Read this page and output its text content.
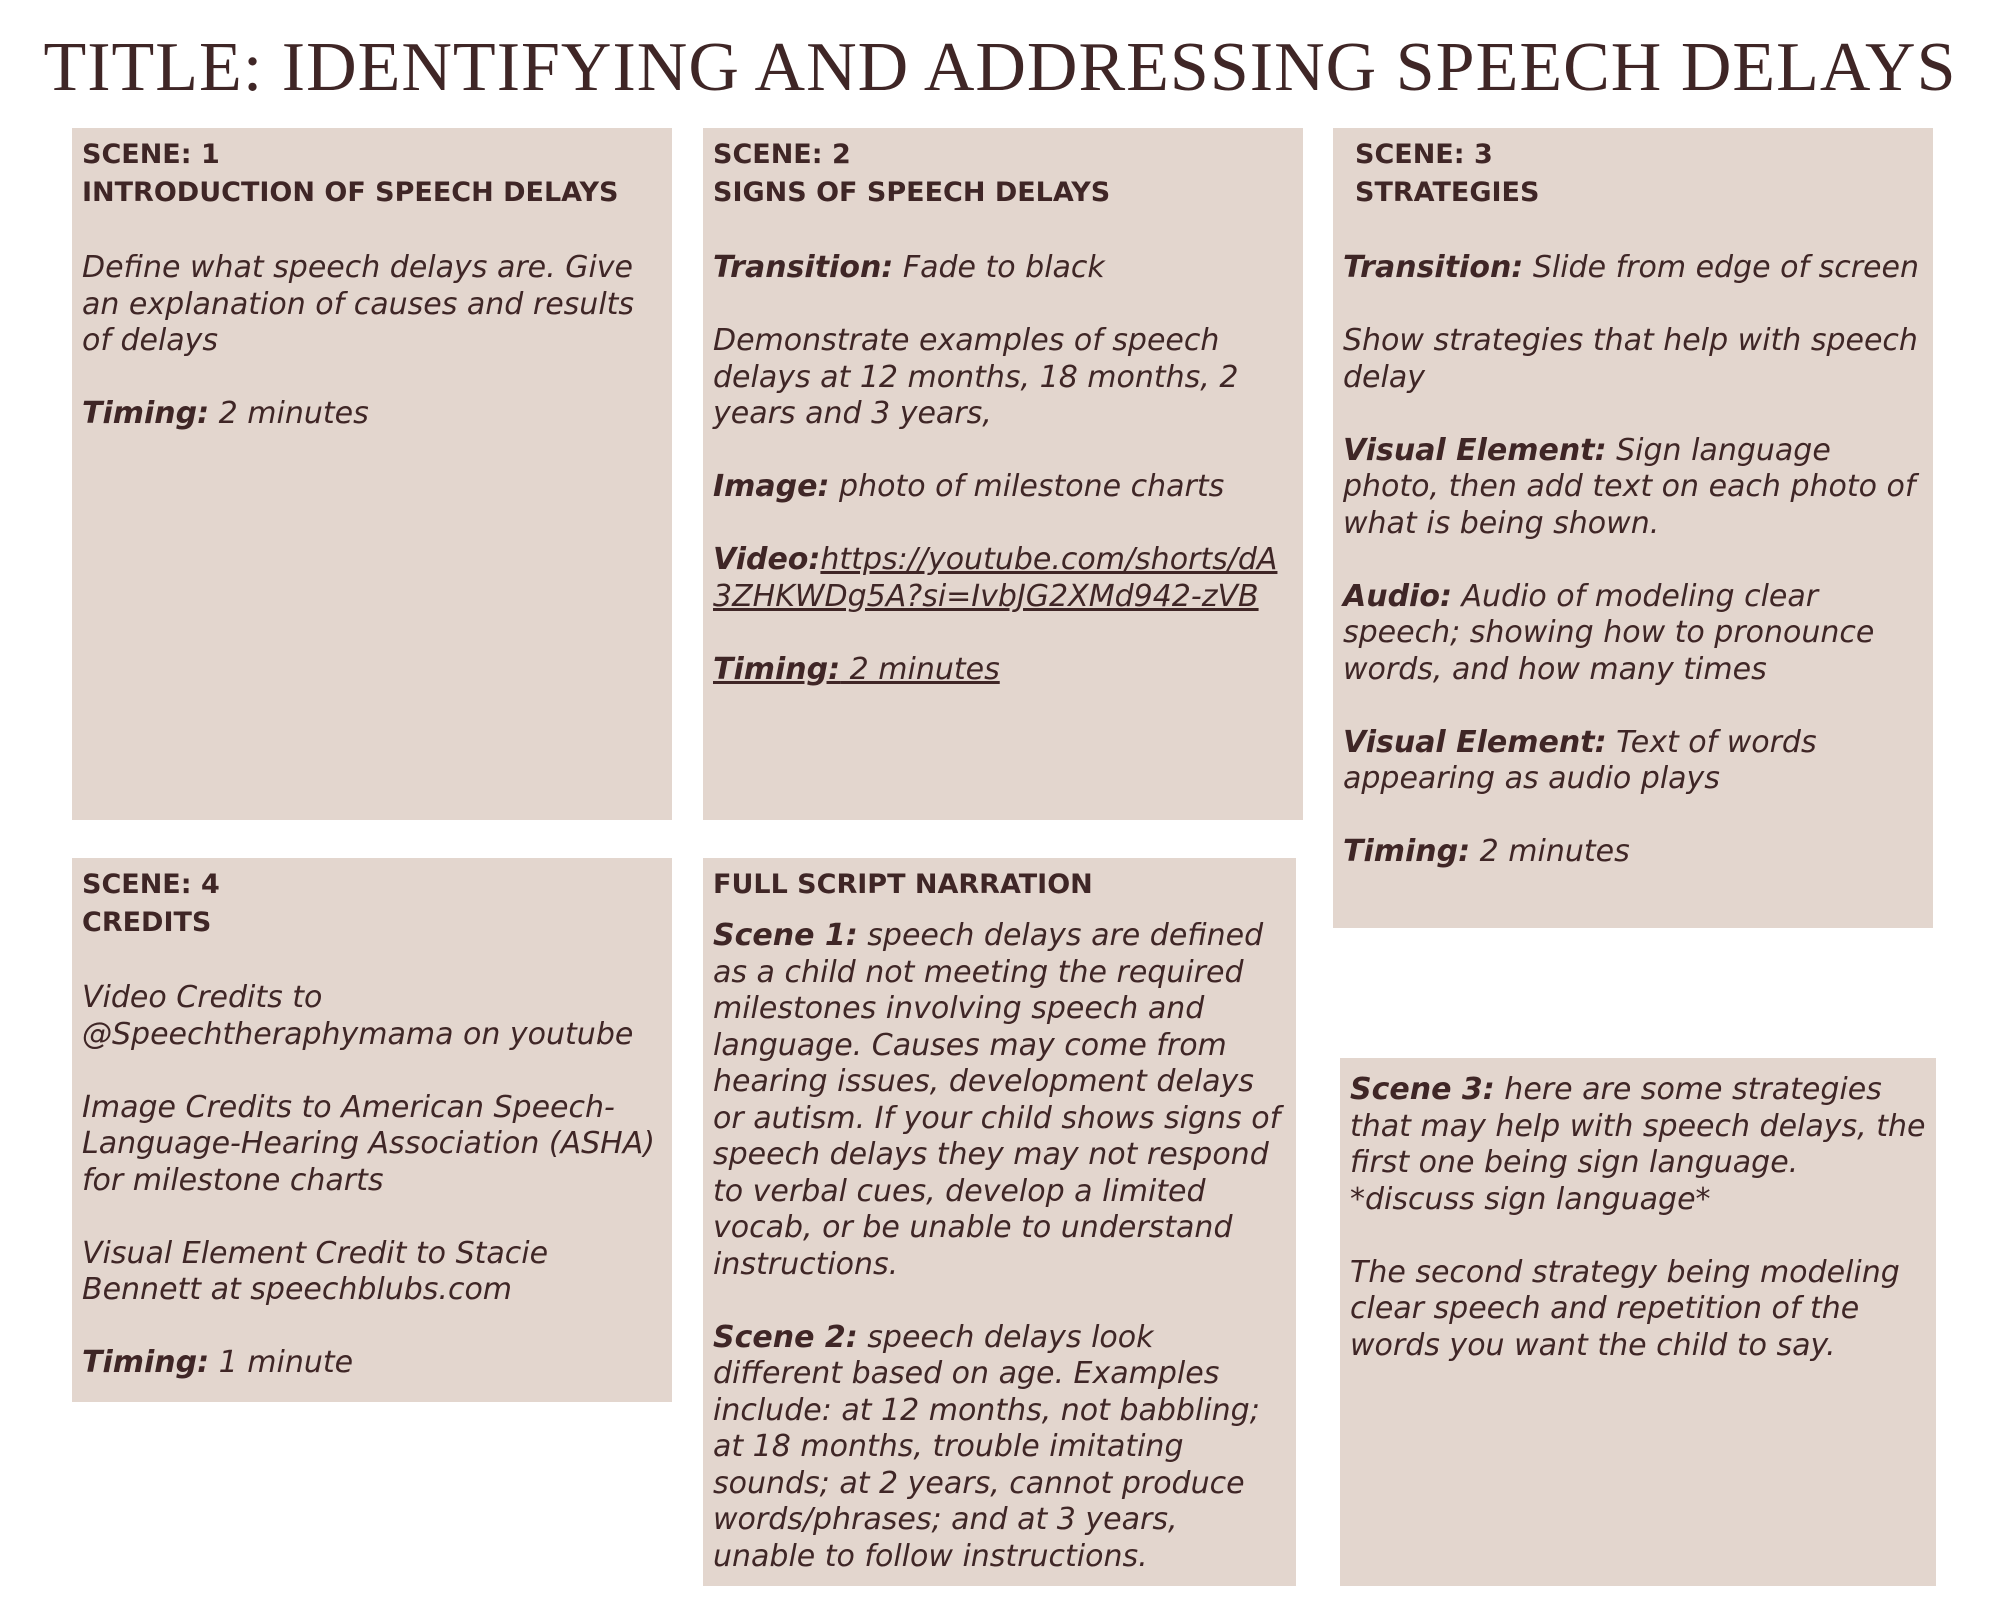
TITLE: IDENTIFYING AND ADDRESSING SPEECH DELAYS
SCENE: 1
INTRODUCTION OF SPEECH DELAYS
Define what speech delays are. Give an explanation of causes and results of delays
Timing: 2 minutes
SCENE: 2
SIGNS OF SPEECH DELAYS
Transition: Fade to black
Demonstrate examples of speech delays at 12 months, 18 months, 2 years and 3 years,
Image: photo of milestone charts
Video:https://youtube.com/shorts/dA3ZHKWDg5A?si=IvbJG2XMd942-zVB
Timing: 2 minutes
SCENE: 3
STRATEGIES
Transition: Slide from edge of screen
Show strategies that help with speech delay
Visual Element: Sign language photo, then add text on each photo of what is being shown.
Audio: Audio of modeling clear speech; showing how to pronounce words, and how many times
Visual Element: Text of words appearing as audio plays
Timing: 2 minutes
SCENE: 4
CREDITS
Video Credits to @Speechtheraphymama on youtube
Image Credits to American Speech-Language-Hearing Association (ASHA) for milestone charts
Visual Element Credit to Stacie Bennett at speechblubs.com
Timing: 1 minute
FULL SCRIPT NARRATION
Scene 1: speech delays are defined as a child not meeting the required milestones involving speech and language. Causes may come from hearing issues, development delays or autism. If your child shows signs of speech delays they may not respond to verbal cues, develop a limited vocab, or be unable to understand instructions.
Scene 2: speech delays look different based on age. Examples include: at 12 months, not babbling; at 18 months, trouble imitating sounds; at 2 years, cannot produce words/phrases; and at 3 years, unable to follow instructions.
Scene 3: here are some strategies that may help with speech delays, the first one being sign language. *discuss sign language*
The second strategy being modeling clear speech and repetition of the words you want the child to say.
